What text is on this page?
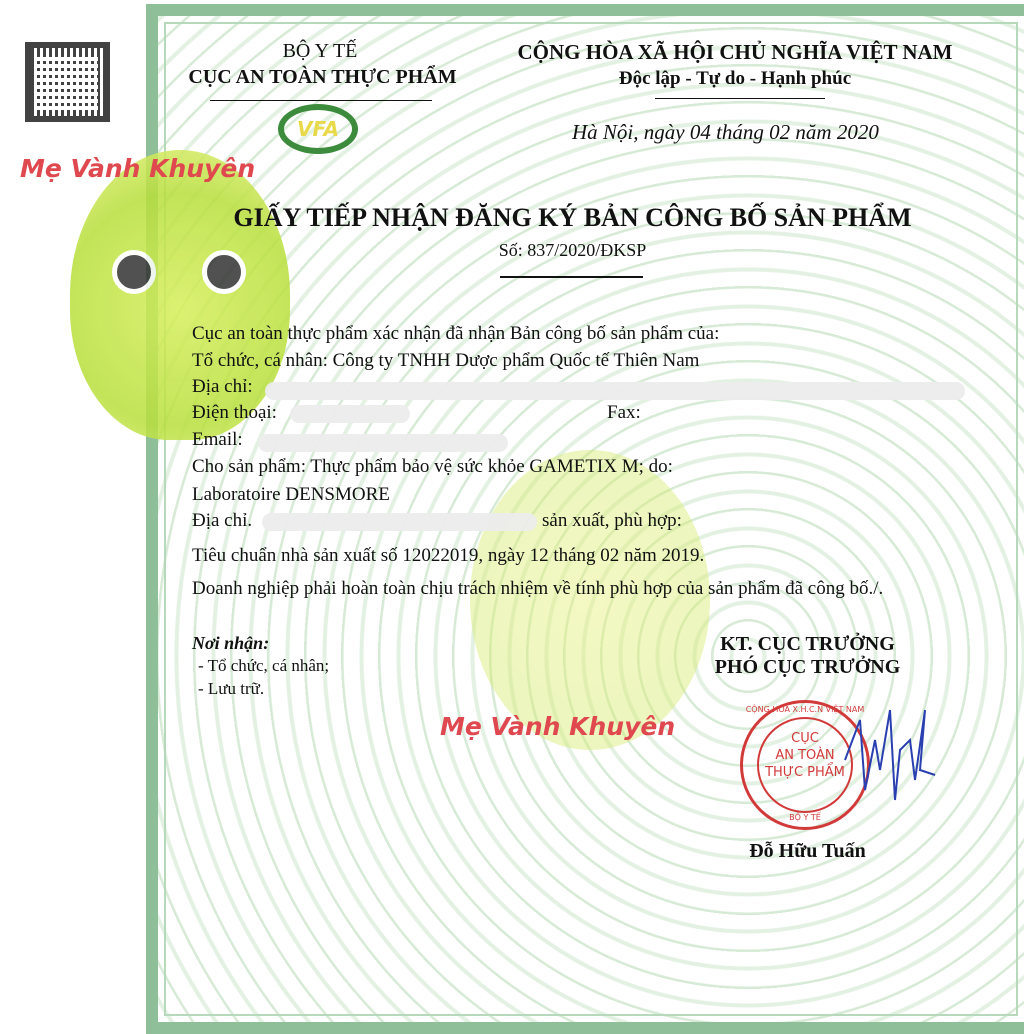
BỘ Y TẾ
CỤC AN TOÀN THỰC PHẨM
VFA
CỘNG HÒA XÃ HỘI CHỦ NGHĨA VIỆT NAM
Độc lập - Tự do - Hạnh phúc
Hà Nội, ngày 04 tháng 02 năm 2020
GIẤY TIẾP NHẬN ĐĂNG KÝ BẢN CÔNG BỐ SẢN PHẨM
Số: 837/2020/ĐKSP
Cục an toàn thực phẩm xác nhận đã nhận Bản công bố sản phẩm của:
Tổ chức, cá nhân: Công ty TNHH Dược phẩm Quốc tế Thiên Nam
Địa chỉ:
Điện thoại:	Fax:
Email:
Cho sản phẩm: Thực phẩm bảo vệ sức khỏe GAMETIX M; do:
Laboratoire DENSMORE
Địa chỉ.	sản xuất, phù hợp:
Tiêu chuẩn nhà sản xuất số 12022019, ngày 12 tháng 02 năm 2019.
Doanh nghiệp phải hoàn toàn chịu trách nhiệm về tính phù hợp của sản phẩm đã công bố./.
Nơi nhận:
- Tổ chức, cá nhân;
- Lưu trữ.
KT. CỤC TRƯỞNG
PHÓ CỤC TRƯỞNG
CỘNG HÒA X.H.C.N VIỆT NAM
CỤC
AN TOÀN
THỰC PHẨM
BỘ Y TẾ
Đỗ Hữu Tuấn
Mẹ Vành Khuyên
Mẹ Vành Khuyên
